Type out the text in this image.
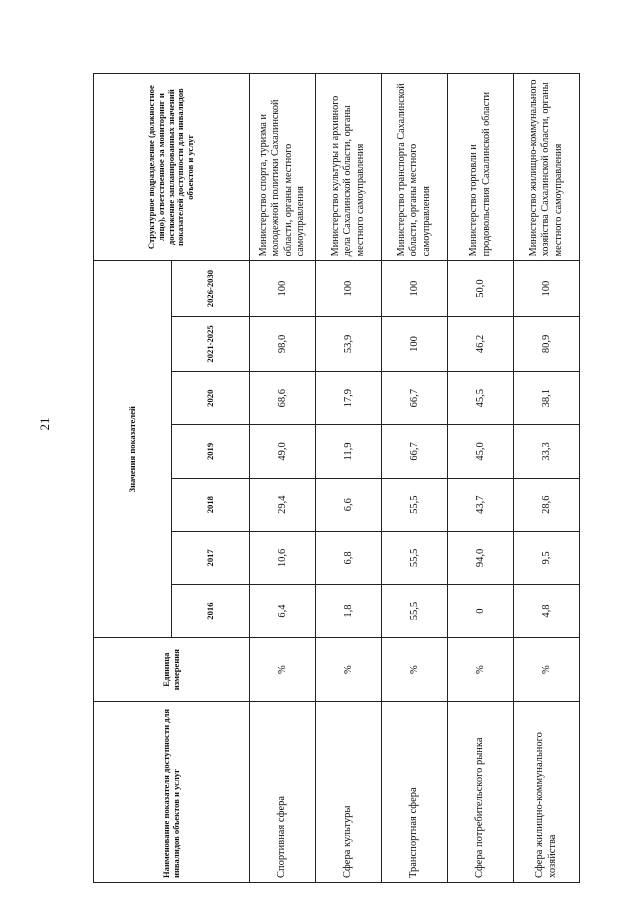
21
Наименование показателя доступности для инвалидов объектов и услуг	Единица измерения	Значения показателей							Структурное подразделение (должностное лицо), ответственное за мониторинг и достижение запланированных значений показателей доступности для инвалидов объектов и услуг
		2016	2017	2018	2019	2020	2021-2025	2026-2030	
Спортивная сфера	%	6,4	10,6	29,4	49,0	68,6	98,0	100	Министерство спорта, туризма и молодежной политики Сахалинской области, органы местного самоуправления
Сфера культуры	%	1,8	6,8	6,6	11,9	17,9	53,9	100	Министерство культуры и архивного дела Сахалинской области, органы местного самоуправления
Транспортная сфера	%	55,5	55,5	55,5	66,7	66,7	100	100	Министерство транспорта Сахалинской области, органы местного самоуправления
Сфера потребительского рынка	%	0	94,0	43,7	45,0	45,5	46,2	50,0	Министерство торговли и продовольствия Сахалинской области
Сфера жилищно-коммунального хозяйства	%	4,8	9,5	28,6	33,3	38,1	80,9	100	Министерство жилищно-коммунального хозяйства Сахалинской области, органы местного самоуправления
